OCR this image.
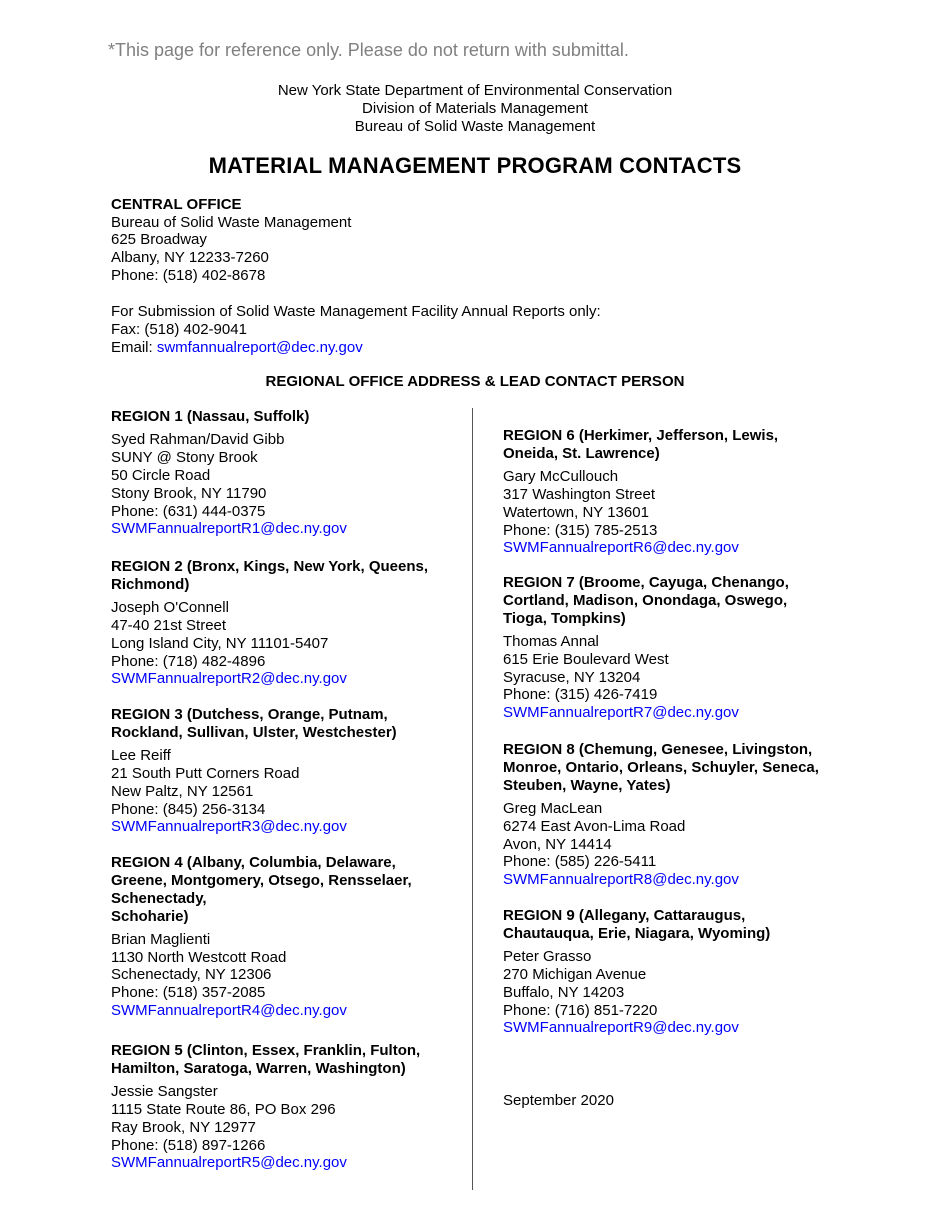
*This page for reference only. Please do not return with submittal.
New York State Department of Environmental Conservation
Division of Materials Management
Bureau of Solid Waste Management
MATERIAL MANAGEMENT PROGRAM CONTACTS
CENTRAL OFFICE
Bureau of Solid Waste Management
625 Broadway
Albany, NY 12233-7260
Phone: (518) 402-8678
For Submission of Solid Waste Management Facility Annual Reports only:
Fax: (518) 402-9041
Email: swmfannualreport@dec.ny.gov
REGIONAL OFFICE ADDRESS & LEAD CONTACT PERSON
REGION 1 (Nassau, Suffolk)
Syed Rahman/David Gibb
SUNY @ Stony Brook
50 Circle Road
Stony Brook, NY 11790
Phone: (631) 444-0375
SWMFannualreportR1@dec.ny.gov
REGION 2 (Bronx, Kings, New York, Queens,
Richmond)
Joseph O'Connell
47-40 21st Street
Long Island City, NY 11101-5407
Phone: (718) 482-4896
SWMFannualreportR2@dec.ny.gov
REGION 3 (Dutchess, Orange, Putnam,
Rockland, Sullivan, Ulster, Westchester)
Lee Reiff
21 South Putt Corners Road
New Paltz, NY 12561
Phone: (845) 256-3134
SWMFannualreportR3@dec.ny.gov
REGION 4 (Albany, Columbia, Delaware,
Greene, Montgomery, Otsego, Rensselaer,
Schenectady,
Schoharie)
Brian Maglienti
1130 North Westcott Road
Schenectady, NY 12306
Phone: (518) 357-2085
SWMFannualreportR4@dec.ny.gov
REGION 5 (Clinton, Essex, Franklin, Fulton,
Hamilton, Saratoga, Warren, Washington)
Jessie Sangster
1115 State Route 86, PO Box 296
Ray Brook, NY 12977
Phone: (518) 897-1266
SWMFannualreportR5@dec.ny.gov
REGION 6 (Herkimer, Jefferson, Lewis,
Oneida, St. Lawrence)
Gary McCullouch
317 Washington Street
Watertown, NY 13601
Phone: (315) 785-2513
SWMFannualreportR6@dec.ny.gov
REGION 7 (Broome, Cayuga, Chenango,
Cortland, Madison, Onondaga, Oswego,
Tioga, Tompkins)
Thomas Annal
615 Erie Boulevard West
Syracuse, NY 13204
Phone: (315) 426-7419
SWMFannualreportR7@dec.ny.gov
REGION 8 (Chemung, Genesee, Livingston,
Monroe, Ontario, Orleans, Schuyler, Seneca,
Steuben, Wayne, Yates)
Greg MacLean
6274 East Avon-Lima Road
Avon, NY 14414
Phone: (585) 226-5411
SWMFannualreportR8@dec.ny.gov
REGION 9 (Allegany, Cattaraugus,
Chautauqua, Erie, Niagara, Wyoming)
Peter Grasso
270 Michigan Avenue
Buffalo, NY 14203
Phone: (716) 851-7220
SWMFannualreportR9@dec.ny.gov
September 2020
